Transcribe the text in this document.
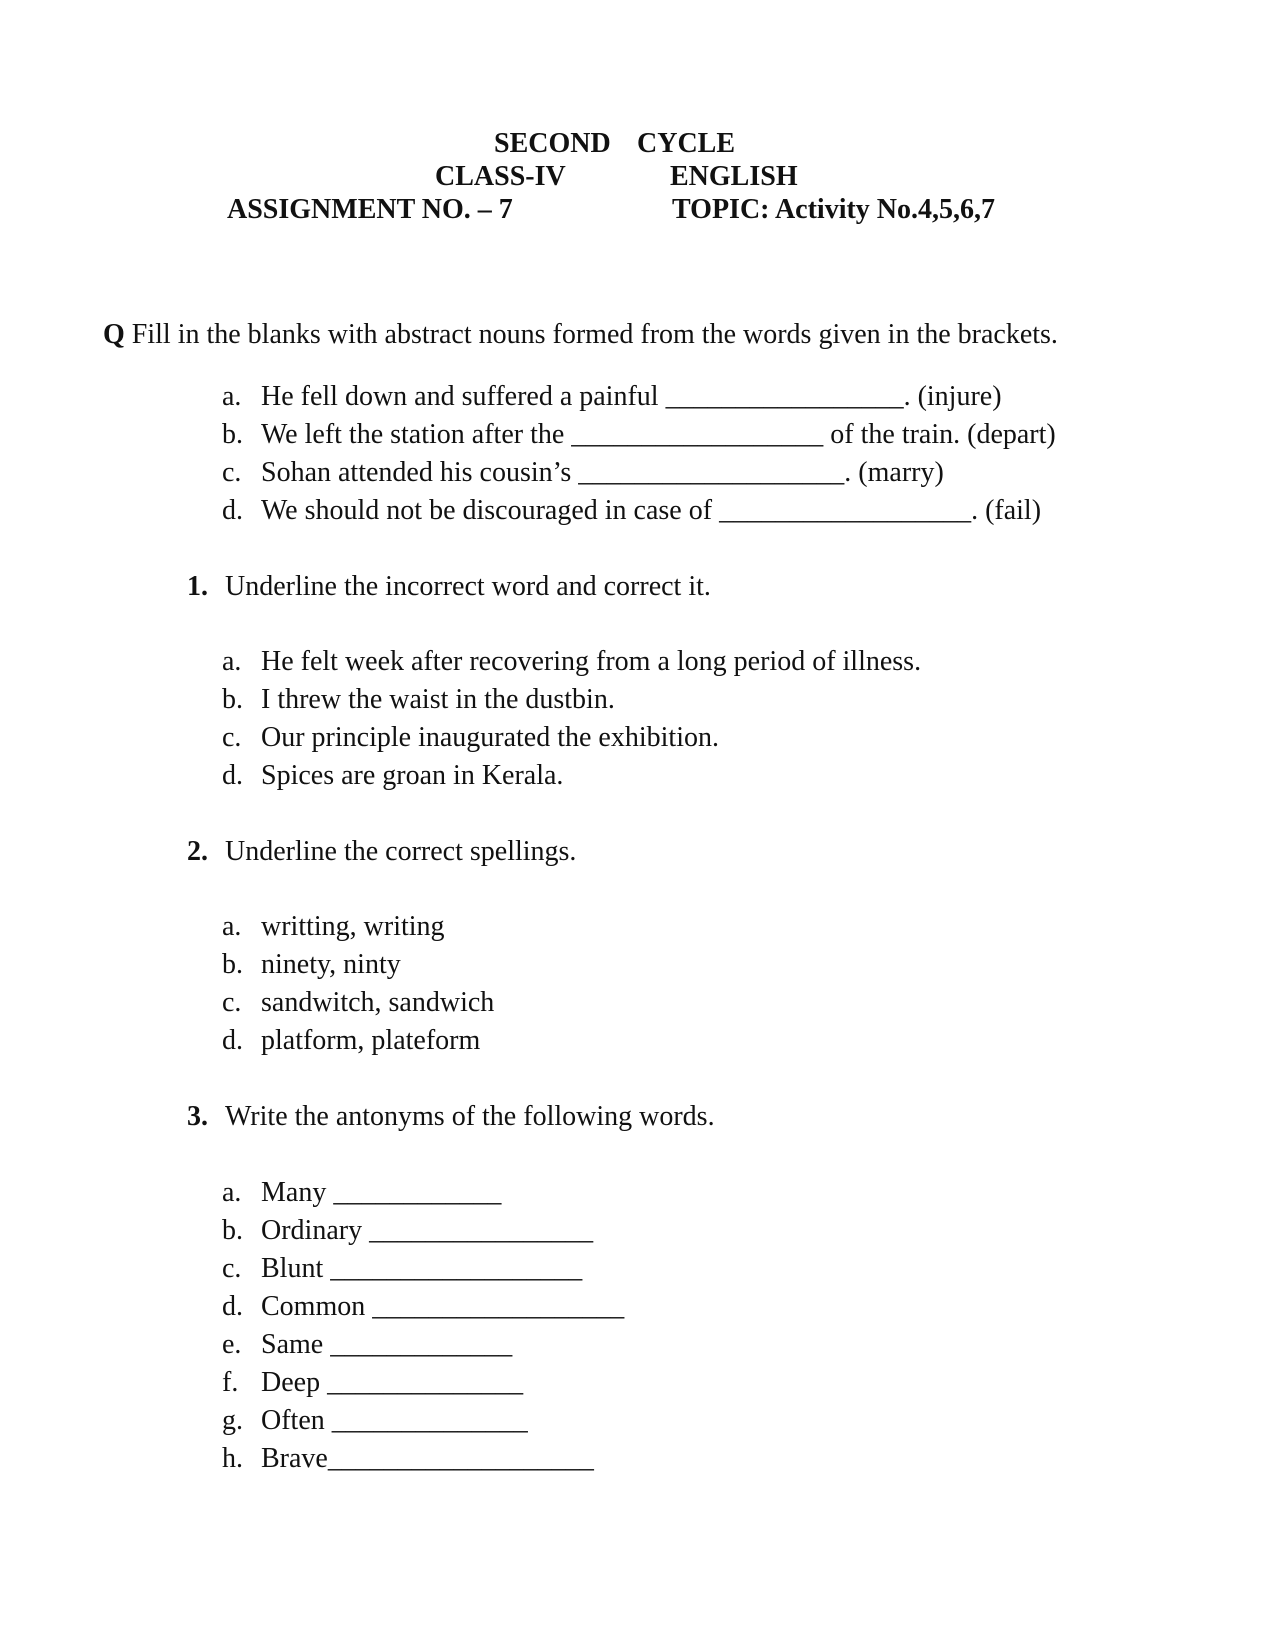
SECOND CYCLE
CLASS-IV	ENGLISH
ASSIGNMENT NO. – 7	TOPIC: Activity No.4,5,6,7
Q Fill in the blanks with abstract nouns formed from the words given in the brackets.
a. He fell down and suffered a painful _________________. (injure)
b. We left the station after the __________________ of the train. (depart)
c. Sohan attended his cousin’s ___________________. (marry)
d. We should not be discouraged in case of __________________. (fail)
1. Underline the incorrect word and correct it.
a. He felt week after recovering from a long period of illness.
b. I threw the waist in the dustbin.
c. Our principle inaugurated the exhibition.
d. Spices are groan in Kerala.
2. Underline the correct spellings.
a. writting, writing
b. ninety, ninty
c. sandwitch, sandwich
d. platform, plateform
3. Write the antonyms of the following words.
a. Many ____________
b. Ordinary ________________
c. Blunt __________________
d. Common __________________
e. Same _____________
f. Deep ______________
g. Often ______________
h. Brave___________________
